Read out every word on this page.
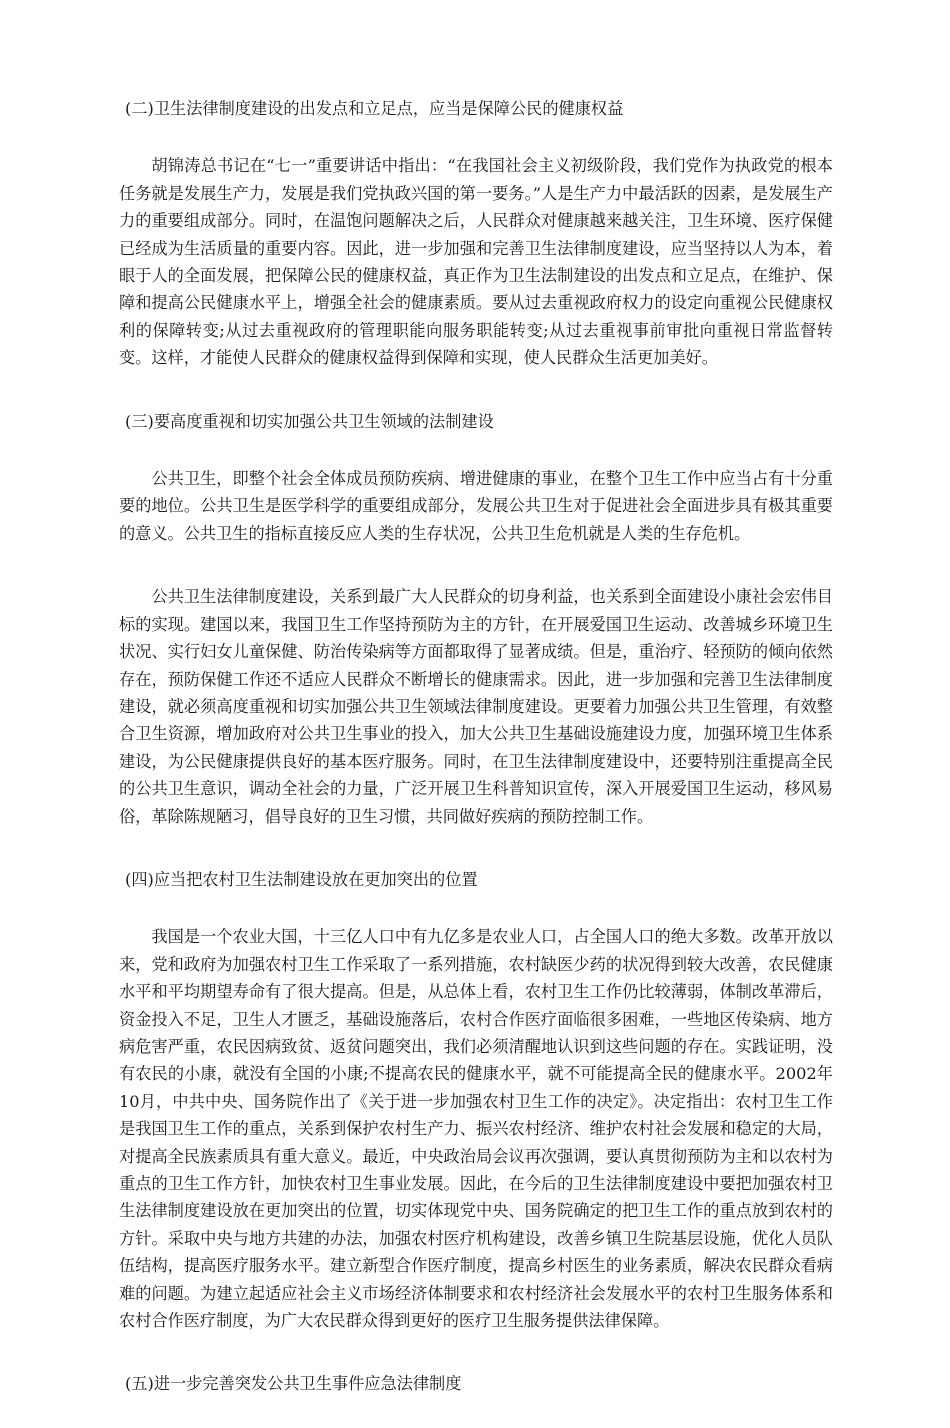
(二)卫生法律制度建设的出发点和立足点，应当是保障公民的健康权益

胡锦涛总书记在“七一”重要讲话中指出：“在我国社会主义初级阶段，我们党作为执政党的根本任务就是发展生产力，发展是我们党执政兴国的第一要务。”人是生产力中最活跃的因素，是发展生产力的重要组成部分。同时，在温饱问题解决之后，人民群众对健康越来越关注，卫生环境、医疗保健已经成为生活质量的重要内容。因此，进一步加强和完善卫生法律制度建设，应当坚持以人为本，着眼于人的全面发展，把保障公民的健康权益，真正作为卫生法制建设的出发点和立足点，在维护、保障和提高公民健康水平上，增强全社会的健康素质。要从过去重视政府权力的设定向重视公民健康权利的保障转变;从过去重视政府的管理职能向服务职能转变;从过去重视事前审批向重视日常监督转变。这样，才能使人民群众的健康权益得到保障和实现，使人民群众生活更加美好。

(三)要高度重视和切实加强公共卫生领域的法制建设

公共卫生，即整个社会全体成员预防疾病、增进健康的事业，在整个卫生工作中应当占有十分重要的地位。公共卫生是医学科学的重要组成部分，发展公共卫生对于促进社会全面进步具有极其重要的意义。公共卫生的指标直接反应人类的生存状况，公共卫生危机就是人类的生存危机。

公共卫生法律制度建设，关系到最广大人民群众的切身利益，也关系到全面建设小康社会宏伟目标的实现。建国以来，我国卫生工作坚持预防为主的方针，在开展爱国卫生运动、改善城乡环境卫生状况、实行妇女儿童保健、防治传染病等方面都取得了显著成绩。但是，重治疗、轻预防的倾向依然存在，预防保健工作还不适应人民群众不断增长的健康需求。因此，进一步加强和完善卫生法律制度建设，就必须高度重视和切实加强公共卫生领域法律制度建设。更要着力加强公共卫生管理，有效整合卫生资源，增加政府对公共卫生事业的投入，加大公共卫生基础设施建设力度，加强环境卫生体系建设，为公民健康提供良好的基本医疗服务。同时，在卫生法律制度建设中，还要特别注重提高全民的公共卫生意识，调动全社会的力量，广泛开展卫生科普知识宣传，深入开展爱国卫生运动，移风易俗，革除陈规陋习，倡导良好的卫生习惯，共同做好疾病的预防控制工作。

(四)应当把农村卫生法制建设放在更加突出的位置

我国是一个农业大国，十三亿人口中有九亿多是农业人口，占全国人口的绝大多数。改革开放以来，党和政府为加强农村卫生工作采取了一系列措施，农村缺医少药的状况得到较大改善，农民健康水平和平均期望寿命有了很大提高。但是，从总体上看，农村卫生工作仍比较薄弱，体制改革滞后，资金投入不足，卫生人才匮乏，基础设施落后，农村合作医疗面临很多困难，一些地区传染病、地方病危害严重，农民因病致贫、返贫问题突出，我们必须清醒地认识到这些问题的存在。实践证明，没有农民的小康，就没有全国的小康;不提高农民的健康水平，就不可能提高全民的健康水平。2002年10月，中共中央、国务院作出了《关于进一步加强农村卫生工作的决定》。决定指出：农村卫生工作是我国卫生工作的重点，关系到保护农村生产力、振兴农村经济、维护农村社会发展和稳定的大局，对提高全民族素质具有重大意义。最近，中央政治局会议再次强调，要认真贯彻预防为主和以农村为重点的卫生工作方针，加快农村卫生事业发展。因此，在今后的卫生法律制度建设中要把加强农村卫生法律制度建设放在更加突出的位置，切实体现党中央、国务院确定的把卫生工作的重点放到农村的方针。采取中央与地方共建的办法，加强农村医疗机构建设，改善乡镇卫生院基层设施，优化人员队伍结构，提高医疗服务水平。建立新型合作医疗制度，提高乡村医生的业务素质，解决农民群众看病难的问题。为建立起适应社会主义市场经济体制要求和农村经济社会发展水平的农村卫生服务体系和农村合作医疗制度，为广大农民群众得到更好的医疗卫生服务提供法律保障。

(五)进一步完善突发公共卫生事件应急法律制度
